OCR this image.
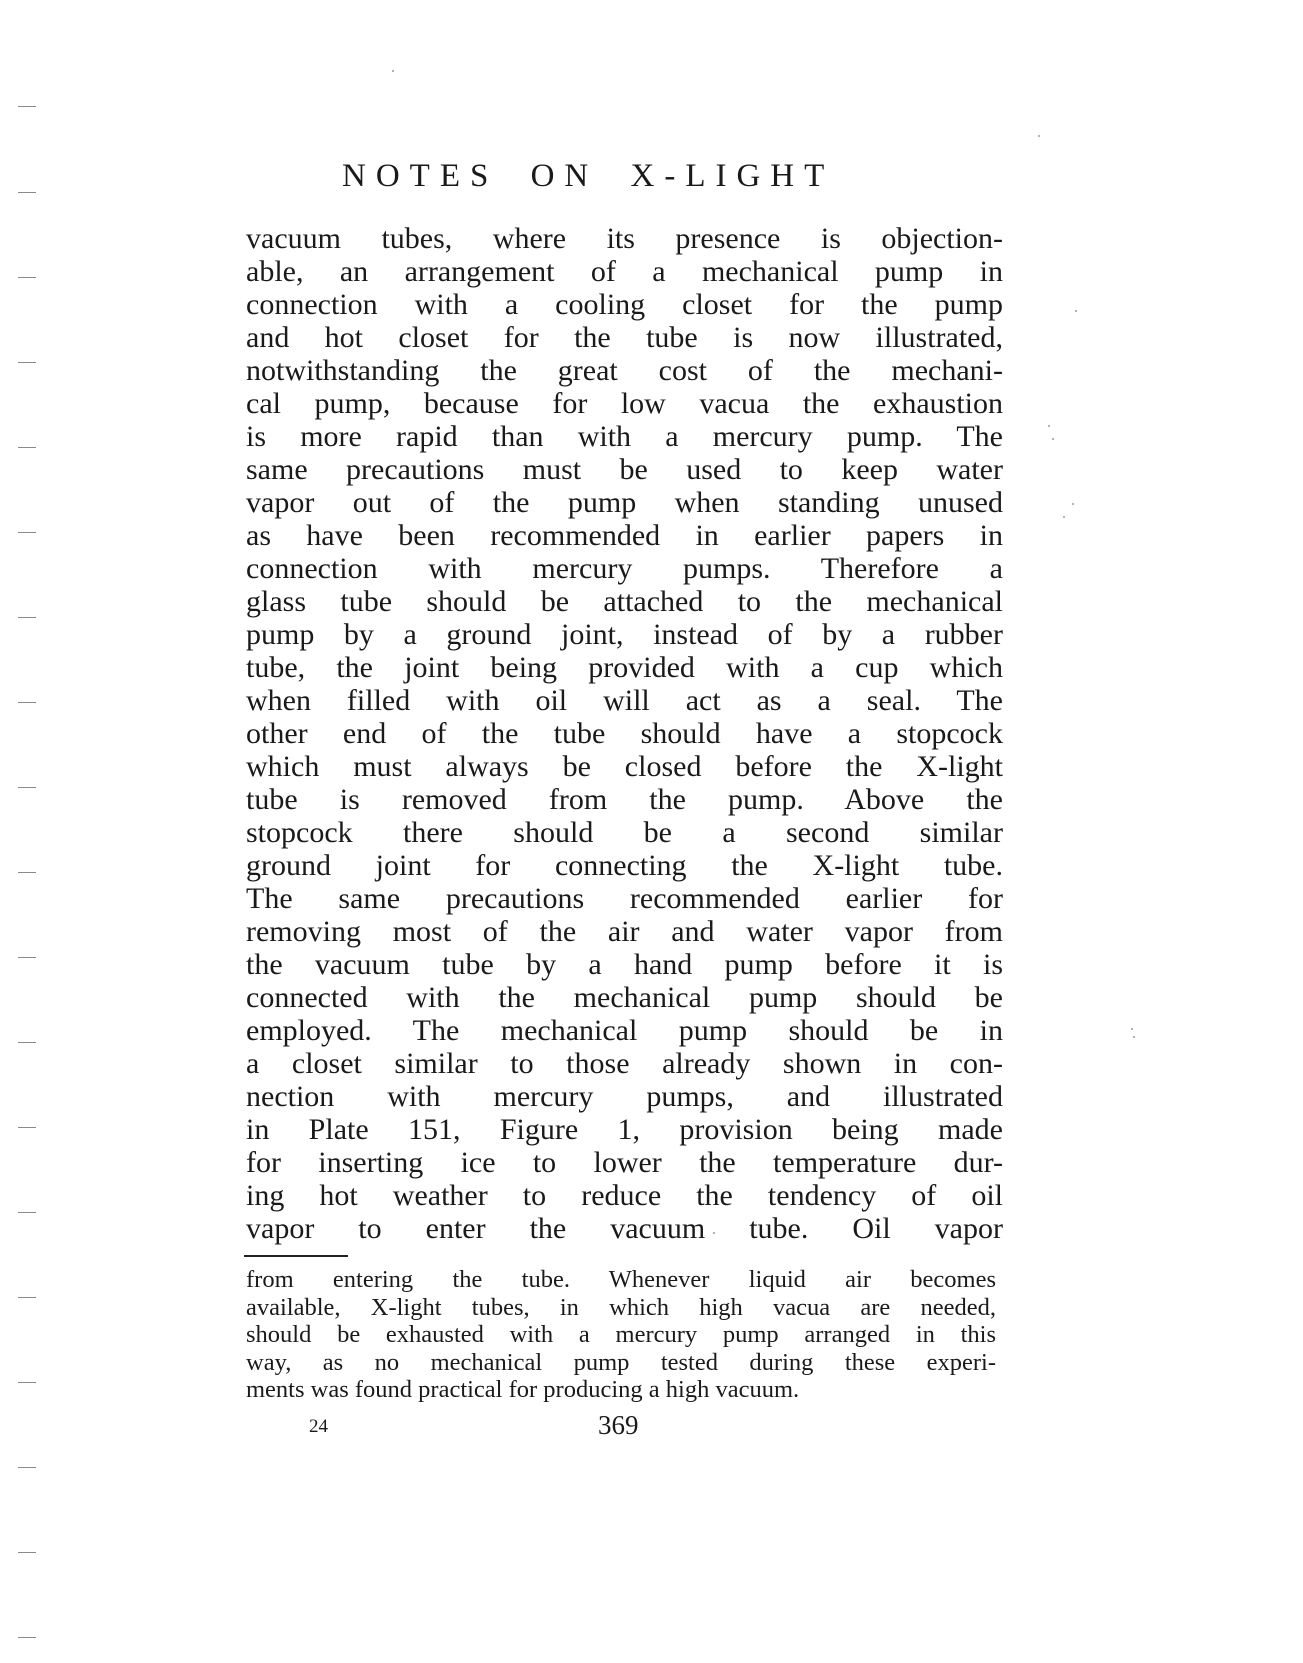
NOTES ON X-LIGHT
vacuum tubes, where its presence is objection-
able, an arrangement of a mechanical pump in
connection with a cooling closet for the pump
and hot closet for the tube is now illustrated,
notwithstanding the great cost of the mechani-
cal pump, because for low vacua the exhaustion
is more rapid than with a mercury pump. The
same precautions must be used to keep water
vapor out of the pump when standing unused
as have been recommended in earlier papers in
connection with mercury pumps. Therefore a
glass tube should be attached to the mechanical
pump by a ground joint, instead of by a rubber
tube, the joint being provided with a cup which
when filled with oil will act as a seal. The
other end of the tube should have a stopcock
which must always be closed before the X-light
tube is removed from the pump. Above the
stopcock there should be a second similar
ground joint for connecting the X-light tube.
The same precautions recommended earlier for
removing most of the air and water vapor from
the vacuum tube by a hand pump before it is
connected with the mechanical pump should be
employed. The mechanical pump should be in
a closet similar to those already shown in con-
nection with mercury pumps, and illustrated
in Plate 151, Figure 1, provision being made
for inserting ice to lower the temperature dur-
ing hot weather to reduce the tendency of oil
vapor to enter the vacuum tube. Oil vapor
from entering the tube. Whenever liquid air becomes
available, X-light tubes, in which high vacua are needed,
should be exhausted with a mercury pump arranged in this
way, as no mechanical pump tested during these experi-
ments was found practical for producing a high vacuum.
24	369
